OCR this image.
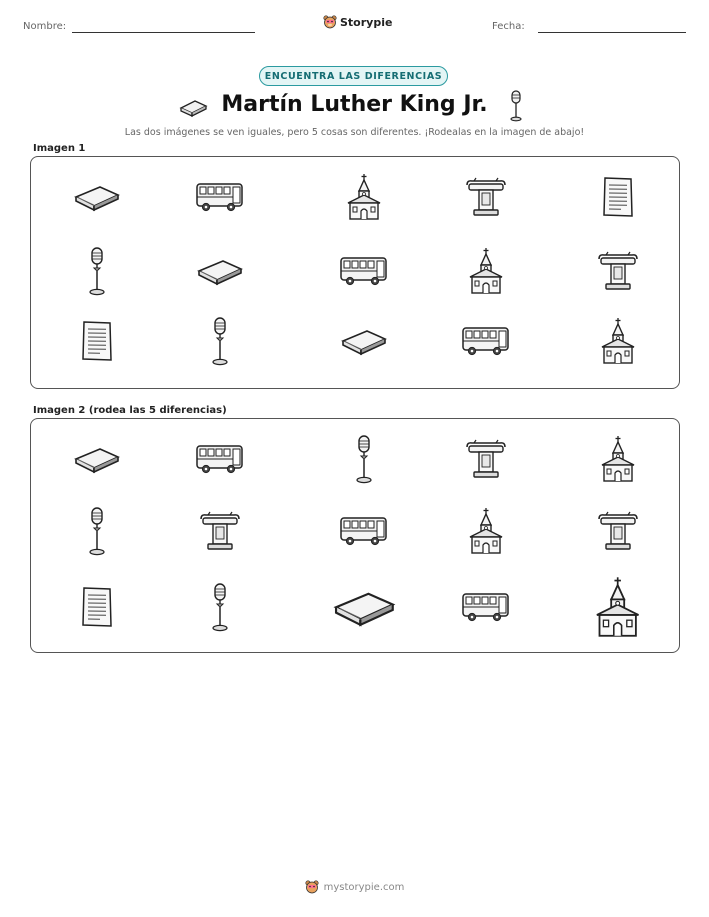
Nombre:	Storypie	Fecha:
ENCUENTRA LAS DIFERENCIAS
Martín Luther King Jr.
Las dos imágenes se ven iguales, pero 5 cosas son diferentes. ¡Rodealas en la imagen de abajo!
Imagen 1
Imagen 2 (rodea las 5 diferencias)
mystorypie.com
